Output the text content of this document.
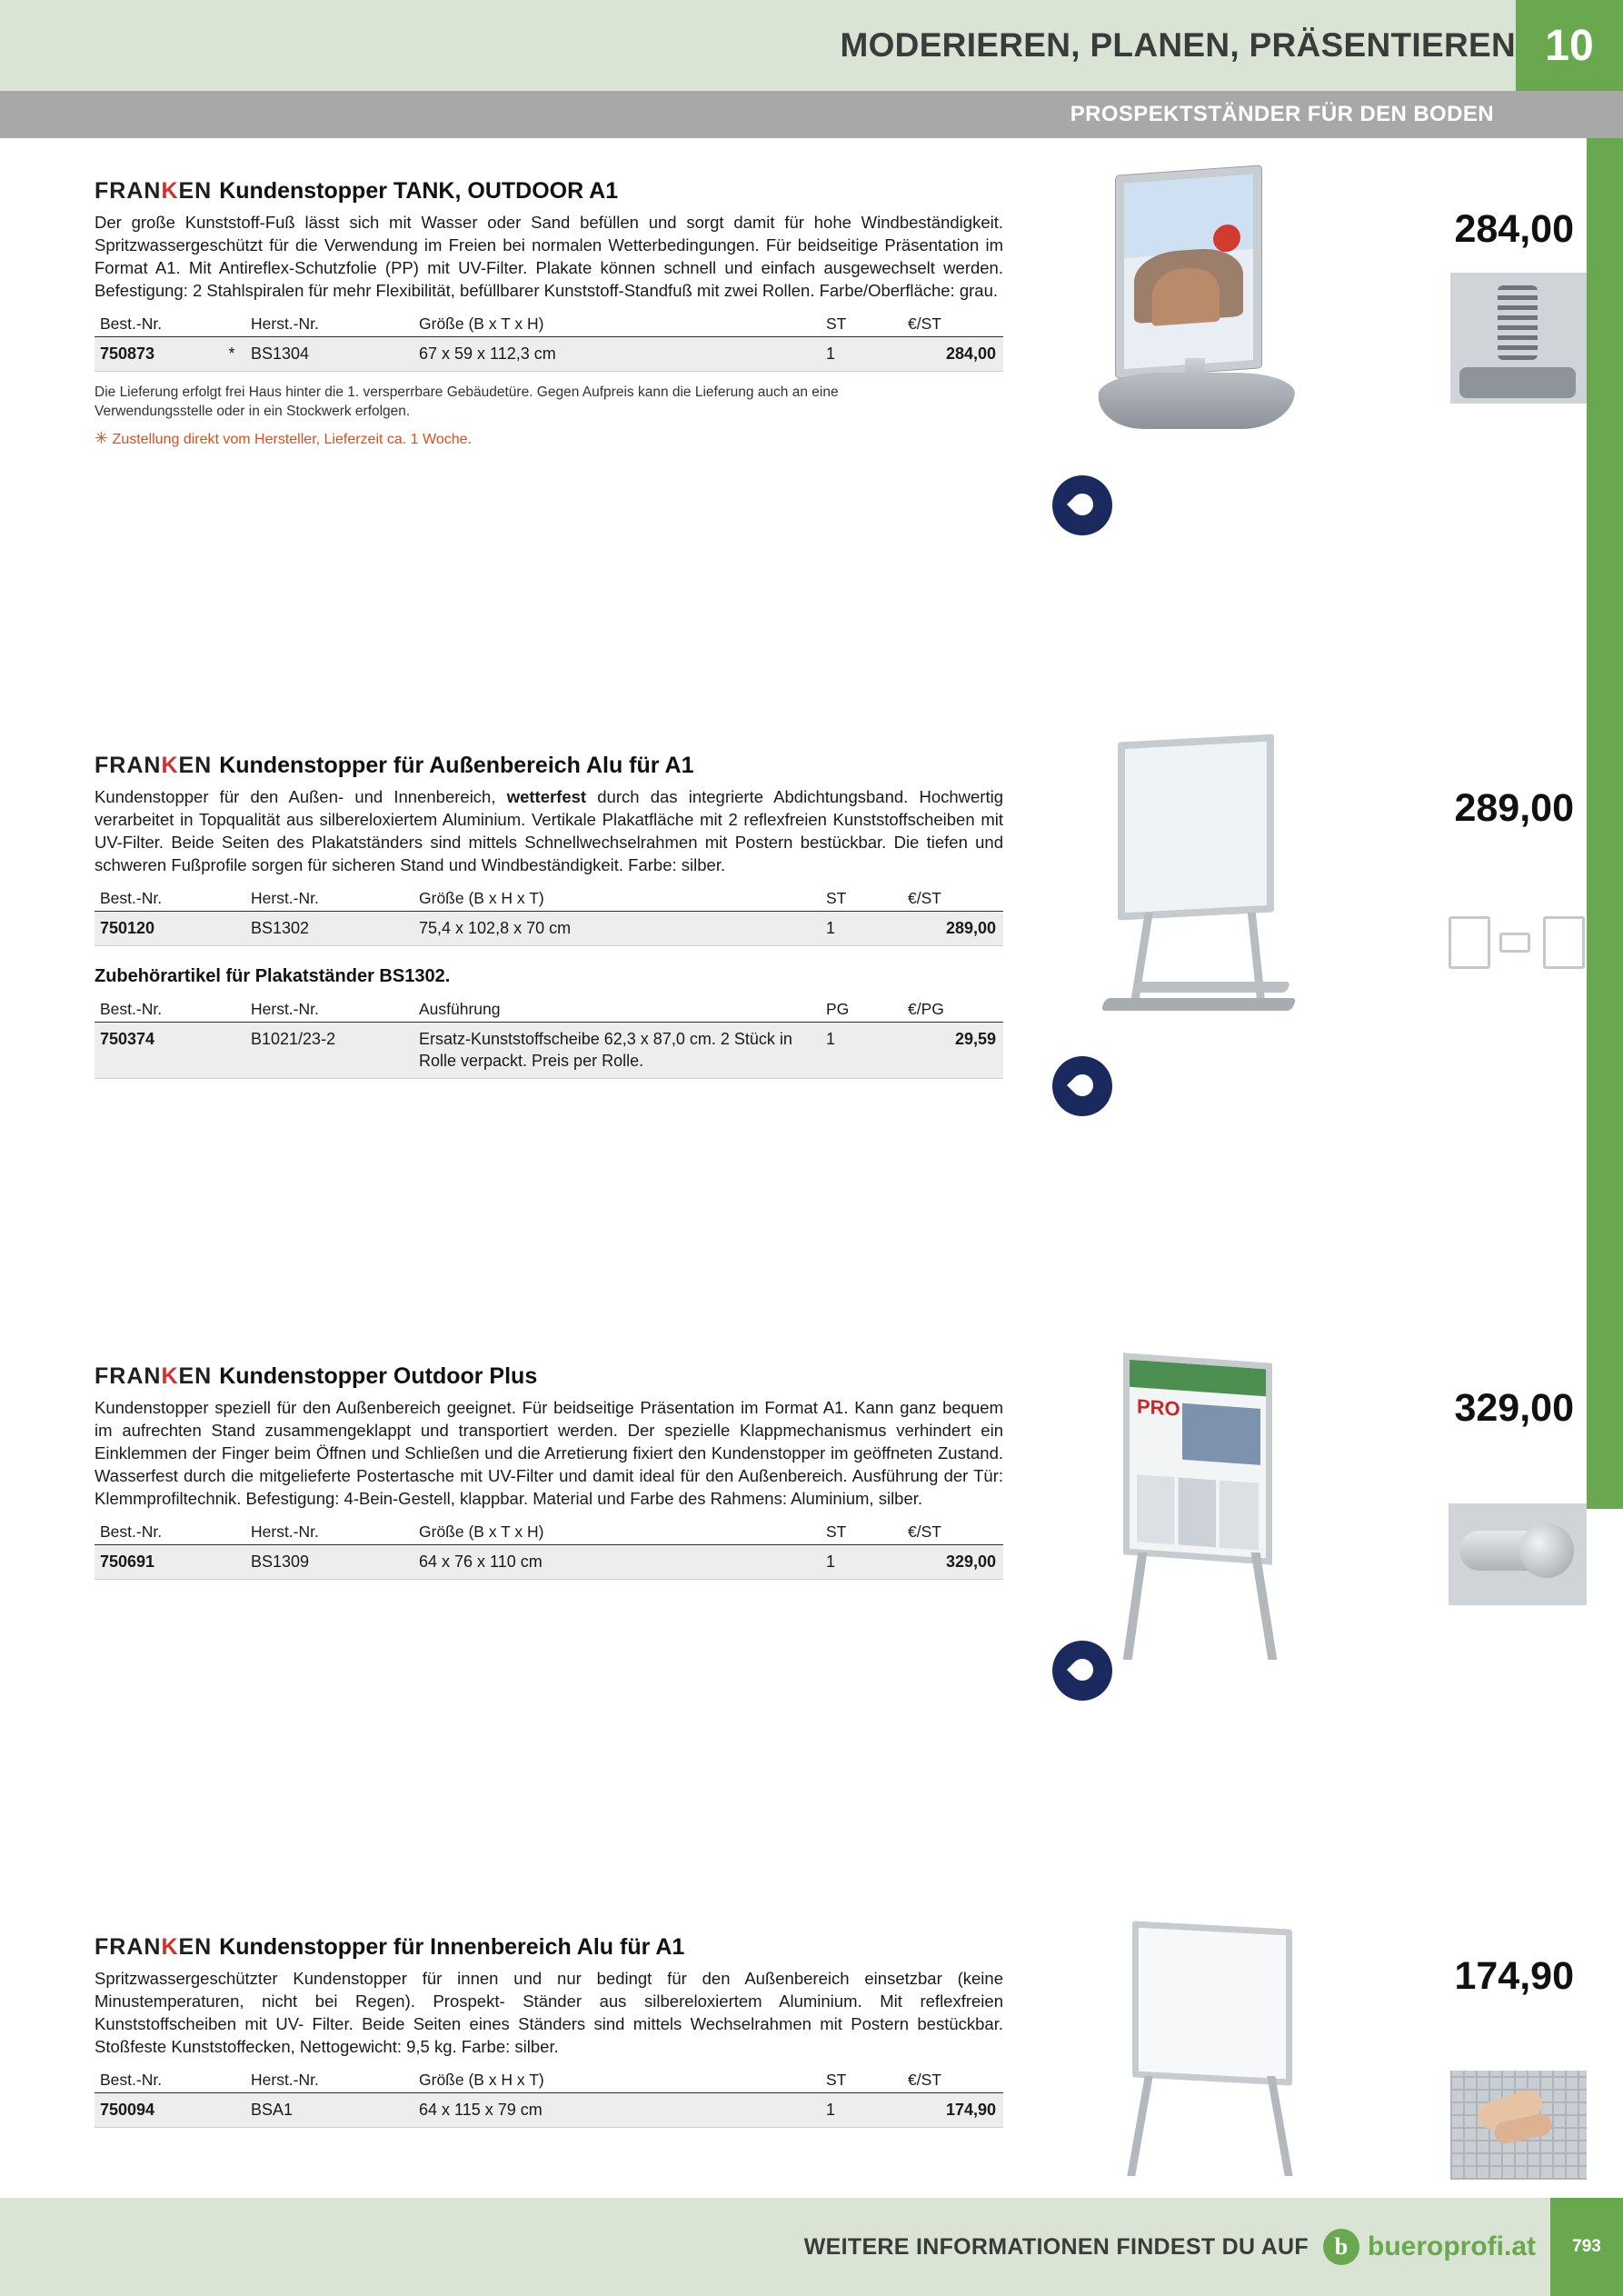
MODERIEREN, PLANEN, PRÄSENTIEREN 10
PROSPEKTSTÄNDER FÜR DEN BODEN
FRANKEN Kundenstopper TANK, OUTDOOR A1
Der große Kunststoff-Fuß lässt sich mit Wasser oder Sand befüllen und sorgt damit für hohe Windbeständigkeit. Spritzwassergeschützt für die Verwendung im Freien bei normalen Wetterbedingungen. Für beidseitige Präsentation im Format A1. Mit Antireflex-Schutzfolie (PP) mit UV-Filter. Plakate können schnell und einfach ausgewechselt werden. Befestigung: 2 Stahlspiralen für mehr Flexibilität, befüllbarer Kunststoff-Standfuß mit zwei Rollen. Farbe/Oberfläche: grau.
Best.-Nr.		Herst.-Nr.	Größe (B x T x H)	ST	€/ST
750873	*	BS1304	67 x 59 x 112,3 cm	1	284,00
Die Lieferung erfolgt frei Haus hinter die 1. versperrbare Gebäudetüre. Gegen Aufpreis kann die Lieferung auch an eine Verwendungsstelle oder in ein Stockwerk erfolgen.
✳ Zustellung direkt vom Hersteller, Lieferzeit ca. 1 Woche.
284,00
FRANKEN Kundenstopper für Außenbereich Alu für A1
Kundenstopper für den Außen- und Innenbereich, wetterfest durch das integrierte Abdichtungsband. Hochwertig verarbeitet in Topqualität aus silbereloxiertem Aluminium. Vertikale Plakatfläche mit 2 reflexfreien Kunststoffscheiben mit UV-Filter. Beide Seiten des Plakatständers sind mittels Schnellwechselrahmen mit Postern bestückbar. Die tiefen und schweren Fußprofile sorgen für sicheren Stand und Windbeständigkeit. Farbe: silber.
Best.-Nr.		Herst.-Nr.	Größe (B x H x T)	ST	€/ST
750120		BS1302	75,4 x 102,8 x 70 cm	1	289,00
Zubehörartikel für Plakatständer BS1302.
Best.-Nr.		Herst.-Nr.	Ausführung	PG	€/PG
750374		B1021/23-2	Ersatz-Kunststoffscheibe 62,3 x 87,0 cm. 2 Stück in Rolle verpackt. Preis per Rolle.	1	29,59
289,00
FRANKEN Kundenstopper Outdoor Plus
Kundenstopper speziell für den Außenbereich geeignet. Für beidseitige Präsentation im Format A1. Kann ganz bequem im aufrechten Stand zusammengeklappt und transportiert werden. Der spezielle Klappmechanismus verhindert ein Einklemmen der Finger beim Öffnen und Schließen und die Arretierung fixiert den Kundenstopper im geöffneten Zustand. Wasserfest durch die mitgelieferte Postertasche mit UV-Filter und damit ideal für den Außenbereich. Ausführung der Tür: Klemmprofiltechnik. Befestigung: 4-Bein-Gestell, klappbar. Material und Farbe des Rahmens: Aluminium, silber.
Best.-Nr.		Herst.-Nr.	Größe (B x T x H)	ST	€/ST
750691		BS1309	64 x 76 x 110 cm	1	329,00
329,00
PRO
FRANKEN Kundenstopper für Innenbereich Alu für A1
Spritzwassergeschützter Kundenstopper für innen und nur bedingt für den Außenbereich einsetzbar (keine Minustemperaturen, nicht bei Regen). Prospekt- Ständer aus silbereloxiertem Aluminium. Mit reflexfreien Kunststoffscheiben mit UV- Filter. Beide Seiten eines Ständers sind mittels Wechselrahmen mit Postern bestückbar. Stoßfeste Kunststoffecken, Nettogewicht: 9,5 kg. Farbe: silber.
Best.-Nr.		Herst.-Nr.	Größe (B x H x T)	ST	€/ST
750094		BSA1	64 x 115 x 79 cm	1	174,90
174,90
WEITERE INFORMATIONEN FINDEST DU AUF	b bueroprofi.at	793
